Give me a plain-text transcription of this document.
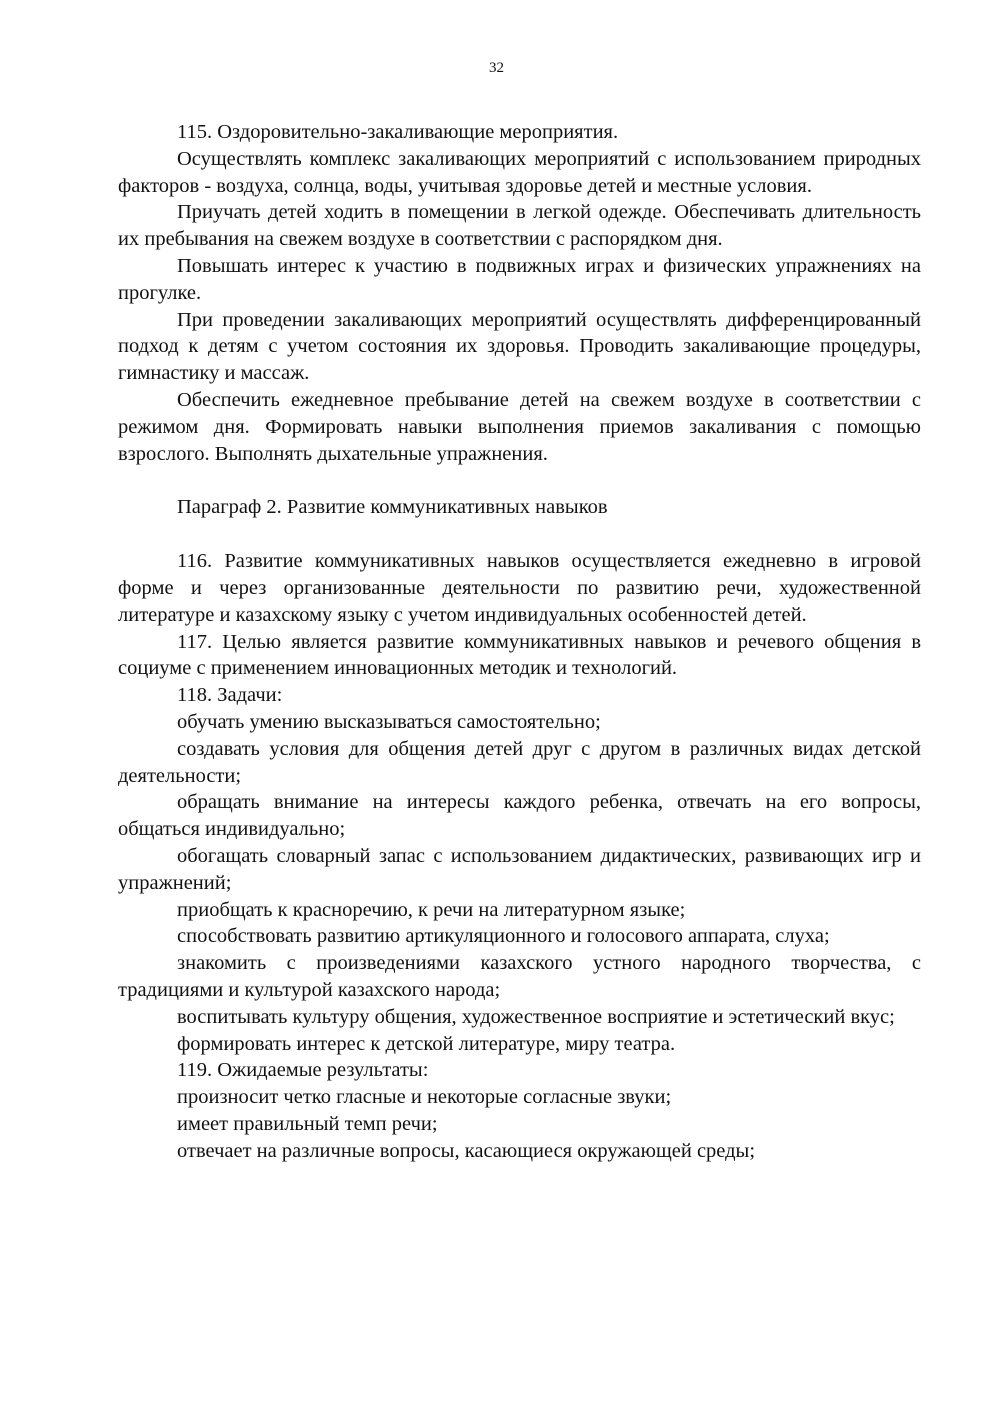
32

115. Оздоровительно-закаливающие мероприятия.

Осуществлять комплекс закаливающих мероприятий с использованием природных факторов - воздуха, солнца, воды, учитывая здоровье детей и местные условия.

Приучать детей ходить в помещении в легкой одежде. Обеспечивать длительность их пребывания на свежем воздухе в соответствии с распорядком дня.

Повышать интерес к участию в подвижных играх и физических упражнениях на прогулке.

При проведении закаливающих мероприятий осуществлять дифференцированный подход к детям с учетом состояния их здоровья. Проводить закаливающие процедуры, гимнастику и массаж.

Обеспечить ежедневное пребывание детей на свежем воздухе в соответствии с режимом дня. Формировать навыки выполнения приемов закаливания с помощью взрослого. Выполнять дыхательные упражнения.

Параграф 2. Развитие коммуникативных навыков

116. Развитие коммуникативных навыков осуществляется ежедневно в игровой форме и через организованные деятельности по развитию речи, художественной литературе и казахскому языку с учетом индивидуальных особенностей детей.

117. Целью является развитие коммуникативных навыков и речевого общения в социуме с применением инновационных методик и технологий.

118. Задачи:

обучать умению высказываться самостоятельно;

создавать условия для общения детей друг с другом в различных видах детской деятельности;

обращать внимание на интересы каждого ребенка, отвечать на его вопросы, общаться индивидуально;

обогащать словарный запас с использованием дидактических, развивающих игр и упражнений;

приобщать к красноречию, к речи на литературном языке;

способствовать развитию артикуляционного и голосового аппарата, слуха;

знакомить с произведениями казахского устного народного творчества, с традициями и культурой казахского народа;

воспитывать культуру общения, художественное восприятие и эстетический вкус;

формировать интерес к детской литературе, миру театра.

119. Ожидаемые результаты:

произносит четко гласные и некоторые согласные звуки;

имеет правильный темп речи;

отвечает на различные вопросы, касающиеся окружающей среды;
